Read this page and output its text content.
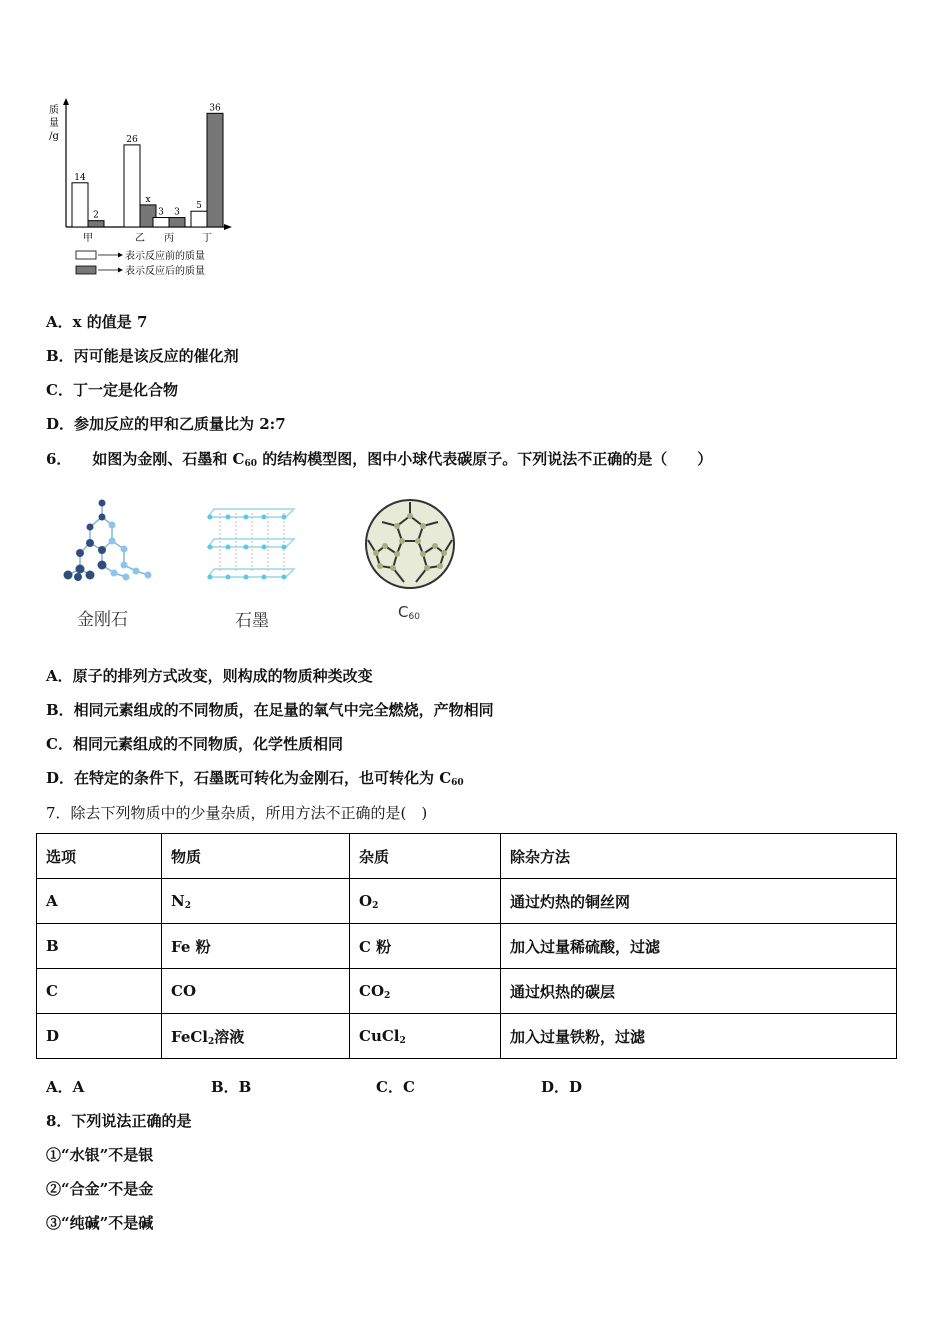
质
量
/g
14
2
甲
26
x
乙
3 3
丙
5
36
丁
表示反应前的质量
表示反应后的质量
A．x 的值是 7
B．丙可能是该反应的催化剂
C．丁一定是化合物
D．参加反应的甲和乙质量比为 2:7
6． 如图为金刚、石墨和 $C_{60}$ 的结构模型图，图中小球代表碳原子。下列说法不正确的是（　　）
金刚石	石墨	$C_{60}$
A．原子的排列方式改变，则构成的物质种类改变
B．相同元素组成的不同物质，在足量的氧气中完全燃烧，产物相同
C．相同元素组成的不同物质，化学性质相同
D．在特定的条件下，石墨既可转化为金刚石，也可转化为 $C_{60}$
7．除去下列物质中的少量杂质，所用方法不正确的是(　)
选项	物质	杂质	除杂方法
A	$N_2$	$O_2$	通过灼热的铜丝网
B	Fe 粉	C 粉	加入过量稀硫酸，过滤
C	CO	$CO_2$	通过炽热的碳层
D	FeCl$_2$溶液	CuCl$_2$	加入过量铁粉，过滤
A．A	B．B	C．C	D．D
8．下列说法正确的是
①“水银”不是银
②“合金”不是金
③“纯碱”不是碱
